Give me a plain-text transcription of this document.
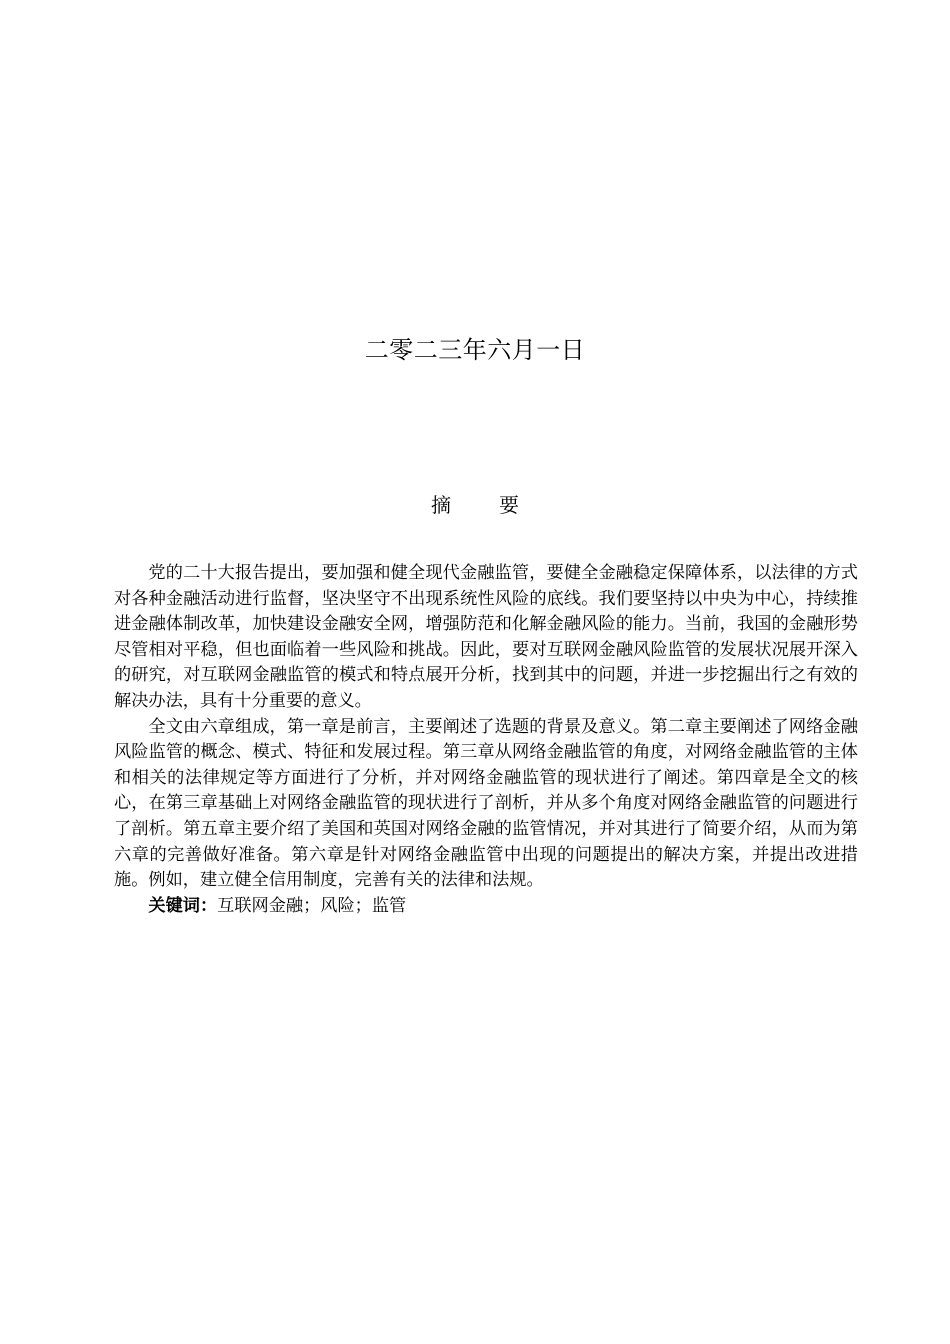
二零二三年六月一日
摘 要

党的二十大报告提出，要加强和健全现代金融监管，要健全金融稳定保障体系，以法律的方式对各种金融活动进行监督，坚决坚守不出现系统性风险的底线。我们要坚持以中央为中心，持续推进金融体制改革，加快建设金融安全网，增强防范和化解金融风险的能力。当前，我国的金融形势尽管相对平稳，但也面临着一些风险和挑战。因此，要对互联网金融风险监管的发展状况展开深入的研究，对互联网金融监管的模式和特点展开分析，找到其中的问题，并进一步挖掘出行之有效的解决办法，具有十分重要的意义。

全文由六章组成，第一章是前言，主要阐述了选题的背景及意义。第二章主要阐述了网络金融风险监管的概念、模式、特征和发展过程。第三章从网络金融监管的角度，对网络金融监管的主体和相关的法律规定等方面进行了分析，并对网络金融监管的现状进行了阐述。第四章是全文的核心，在第三章基础上对网络金融监管的现状进行了剖析，并从多个角度对网络金融监管的问题进行了剖析。第五章主要介绍了美国和英国对网络金融的监管情况，并对其进行了简要介绍，从而为第六章的完善做好准备。第六章是针对网络金融监管中出现的问题提出的解决方案，并提出改进措施。例如，建立健全信用制度，完善有关的法律和法规。

关键词：互联网金融；风险；监管
